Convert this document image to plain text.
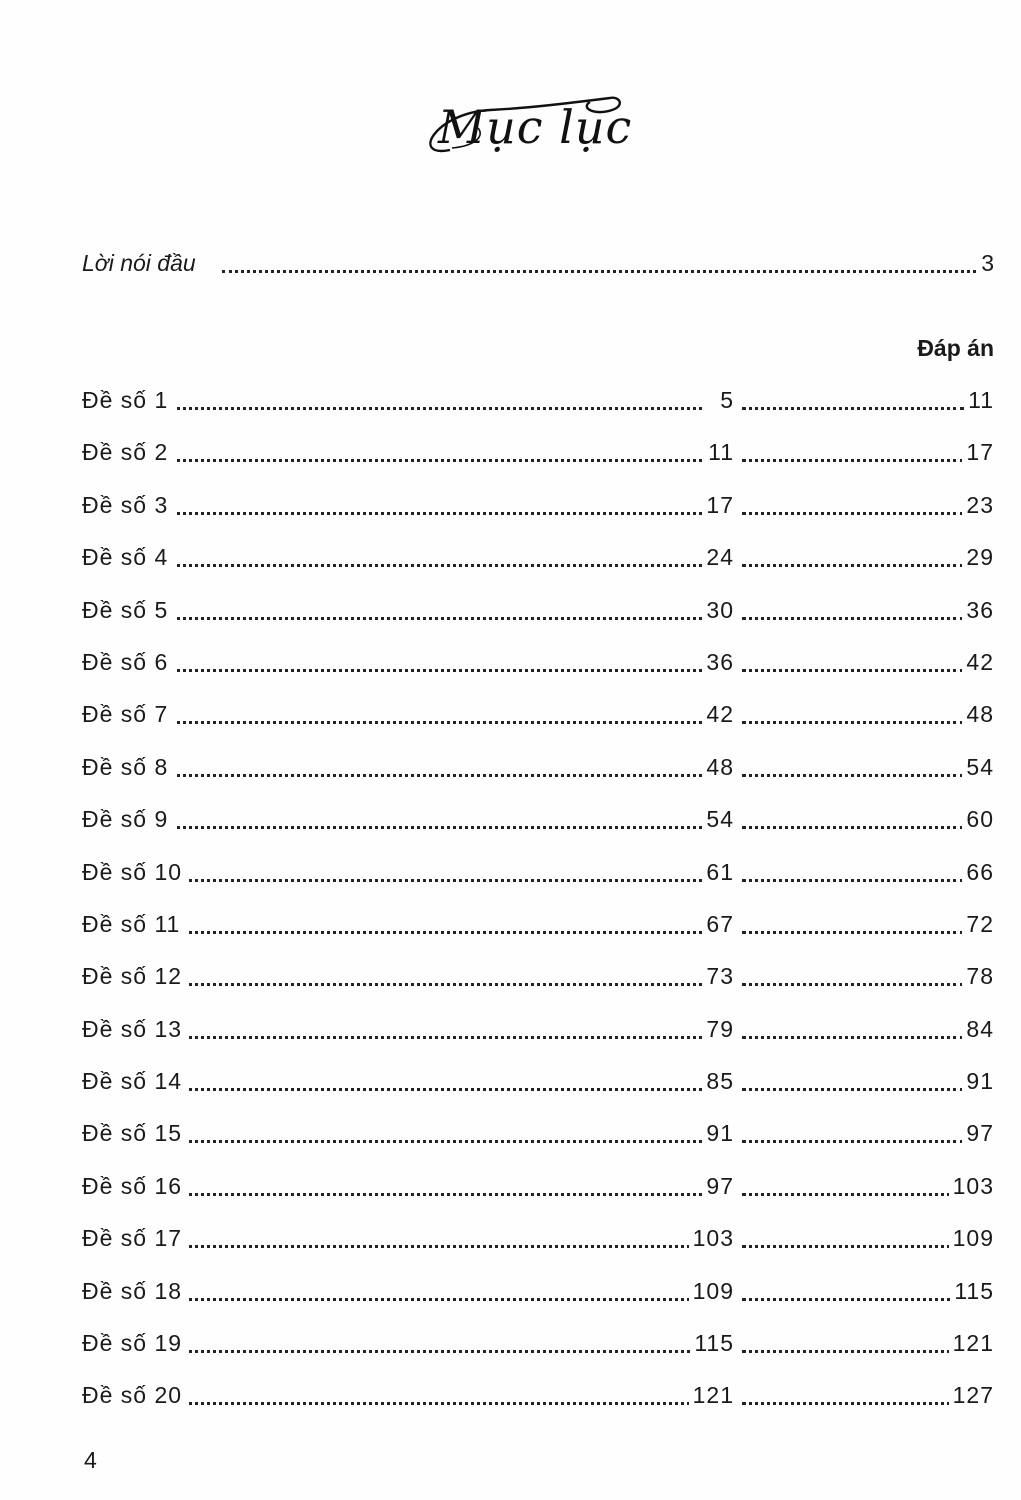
Mục lục
Lời nói đầu	3
Đáp án
Đề số 1	5	11
Đề số 2	11	17
Đề số 3	17	23
Đề số 4	24	29
Đề số 5	30	36
Đề số 6	36	42
Đề số 7	42	48
Đề số 8	48	54
Đề số 9	54	60
Đề số 10	61	66
Đề số 11	67	72
Đề số 12	73	78
Đề số 13	79	84
Đề số 14	85	91
Đề số 15	91	97
Đề số 16	97	103
Đề số 17	103	109
Đề số 18	109	115
Đề số 19	115	121
Đề số 20	121	127
4
